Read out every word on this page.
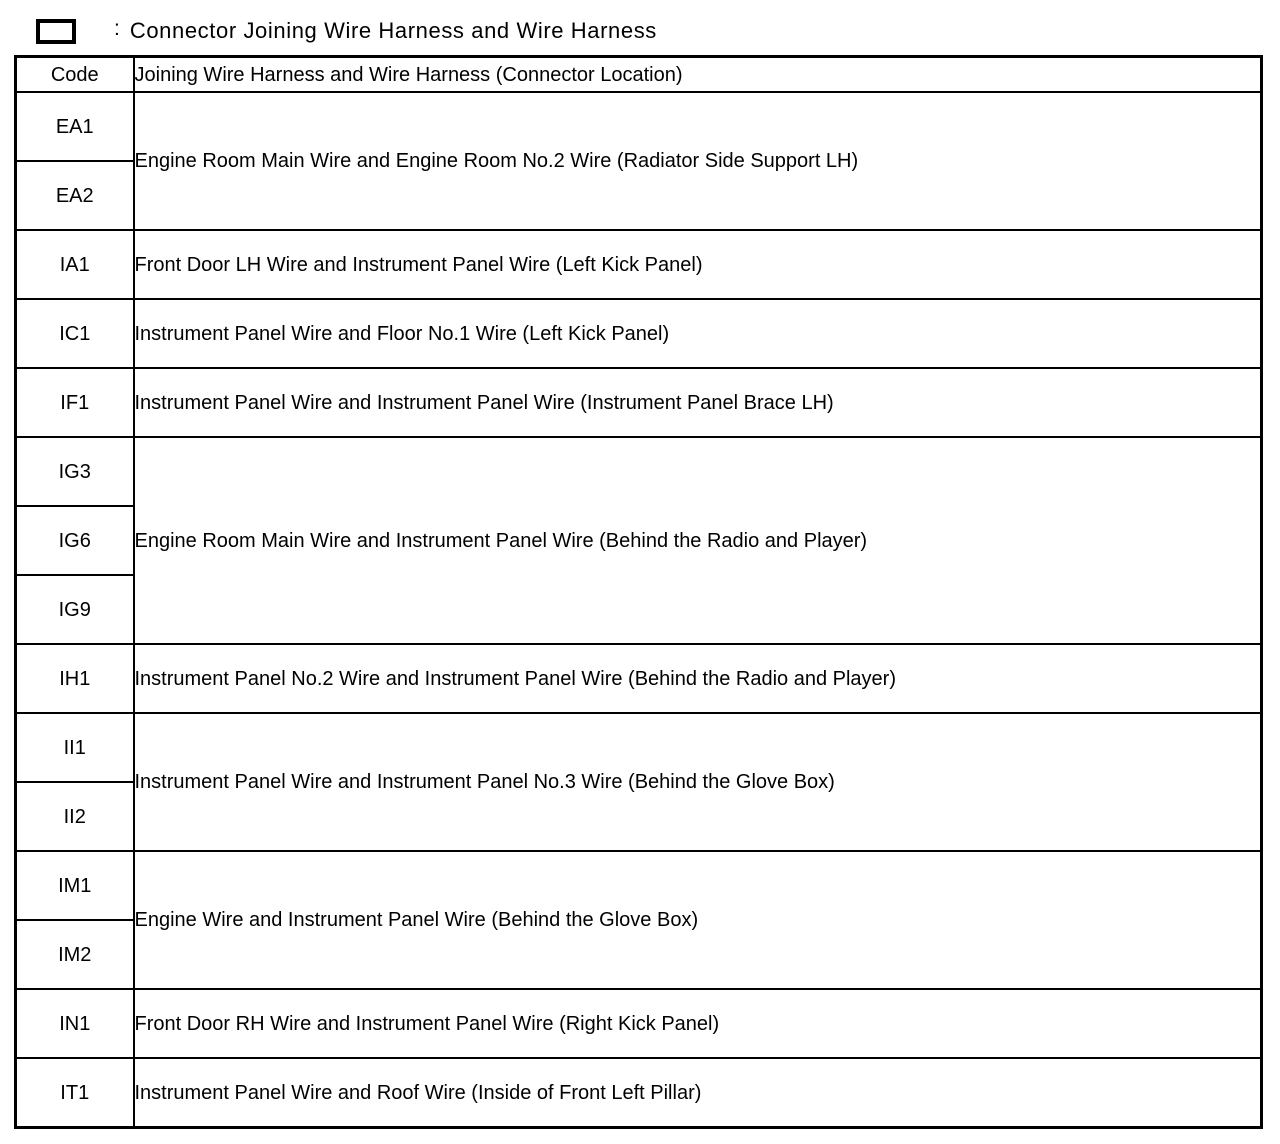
: Connector Joining Wire Harness and Wire Harness
Code	Joining Wire Harness and Wire Harness (Connector Location)
EA1	Engine Room Main Wire and Engine Room No.2 Wire (Radiator Side Support LH)
EA2	
IA1	Front Door LH Wire and Instrument Panel Wire (Left Kick Panel)
IC1	Instrument Panel Wire and Floor No.1 Wire (Left Kick Panel)
IF1	Instrument Panel Wire and Instrument Panel Wire (Instrument Panel Brace LH)
IG3	Engine Room Main Wire and Instrument Panel Wire (Behind the Radio and Player)
IG6	
IG9	
IH1	Instrument Panel No.2 Wire and Instrument Panel Wire (Behind the Radio and Player)
II1	Instrument Panel Wire and Instrument Panel No.3 Wire (Behind the Glove Box)
II2	
IM1	Engine Wire and Instrument Panel Wire (Behind the Glove Box)
IM2	
IN1	Front Door RH Wire and Instrument Panel Wire (Right Kick Panel)
IT1	Instrument Panel Wire and Roof Wire (Inside of Front Left Pillar)
